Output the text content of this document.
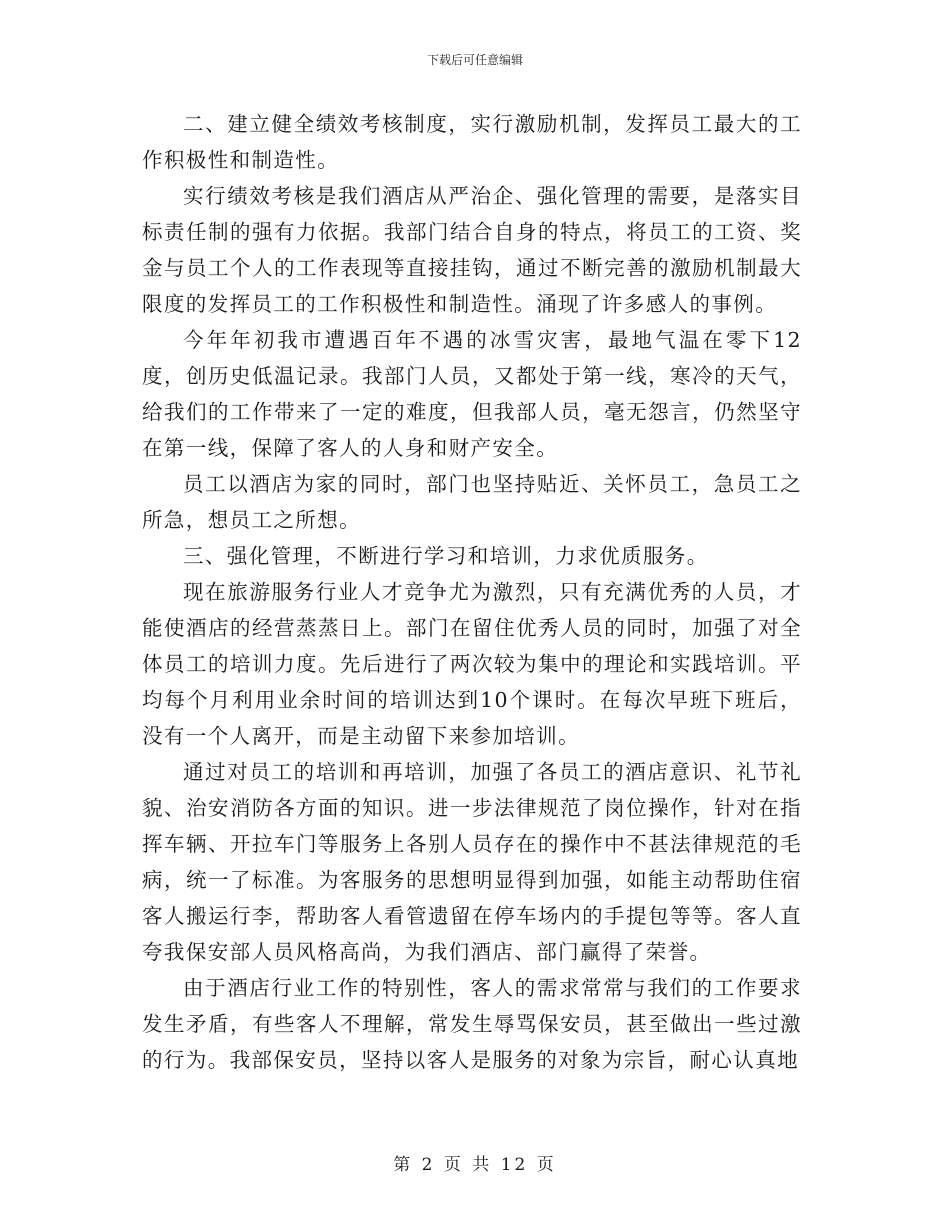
下载后可任意编辑

二、建立健全绩效考核制度，实行激励机制，发挥员工最大的工作积极性和制造性。

实行绩效考核是我们酒店从严治企、强化管理的需要，是落实目标责任制的强有力依据。我部门结合自身的特点，将员工的工资、奖金与员工个人的工作表现等直接挂钩，通过不断完善的激励机制最大限度的发挥员工的工作积极性和制造性。涌现了许多感人的事例。

今年年初我市遭遇百年不遇的冰雪灾害，最地气温在零下12度，创历史低温记录。我部门人员，又都处于第一线，寒冷的天气，给我们的工作带来了一定的难度，但我部人员，毫无怨言，仍然坚守在第一线，保障了客人的人身和财产安全。

员工以酒店为家的同时，部门也坚持贴近、关怀员工，急员工之所急，想员工之所想。

三、强化管理，不断进行学习和培训，力求优质服务。

现在旅游服务行业人才竞争尤为激烈，只有充满优秀的人员，才能使酒店的经营蒸蒸日上。部门在留住优秀人员的同时，加强了对全体员工的培训力度。先后进行了两次较为集中的理论和实践培训。平均每个月利用业余时间的培训达到10个课时。在每次早班下班后，没有一个人离开，而是主动留下来参加培训。

通过对员工的培训和再培训，加强了各员工的酒店意识、礼节礼貌、治安消防各方面的知识。进一步法律规范了岗位操作，针对在指挥车辆、开拉车门等服务上各别人员存在的操作中不甚法律规范的毛病，统一了标准。为客服务的思想明显得到加强，如能主动帮助住宿客人搬运行李，帮助客人看管遗留在停车场内的手提包等等。客人直夸我保安部人员风格高尚，为我们酒店、部门赢得了荣誉。

由于酒店行业工作的特别性，客人的需求常常与我们的工作要求发生矛盾，有些客人不理解，常发生辱骂保安员，甚至做出一些过激的行为。我部保安员，坚持以客人是服务的对象为宗旨，耐心认真地

第 2 页 共 12 页
